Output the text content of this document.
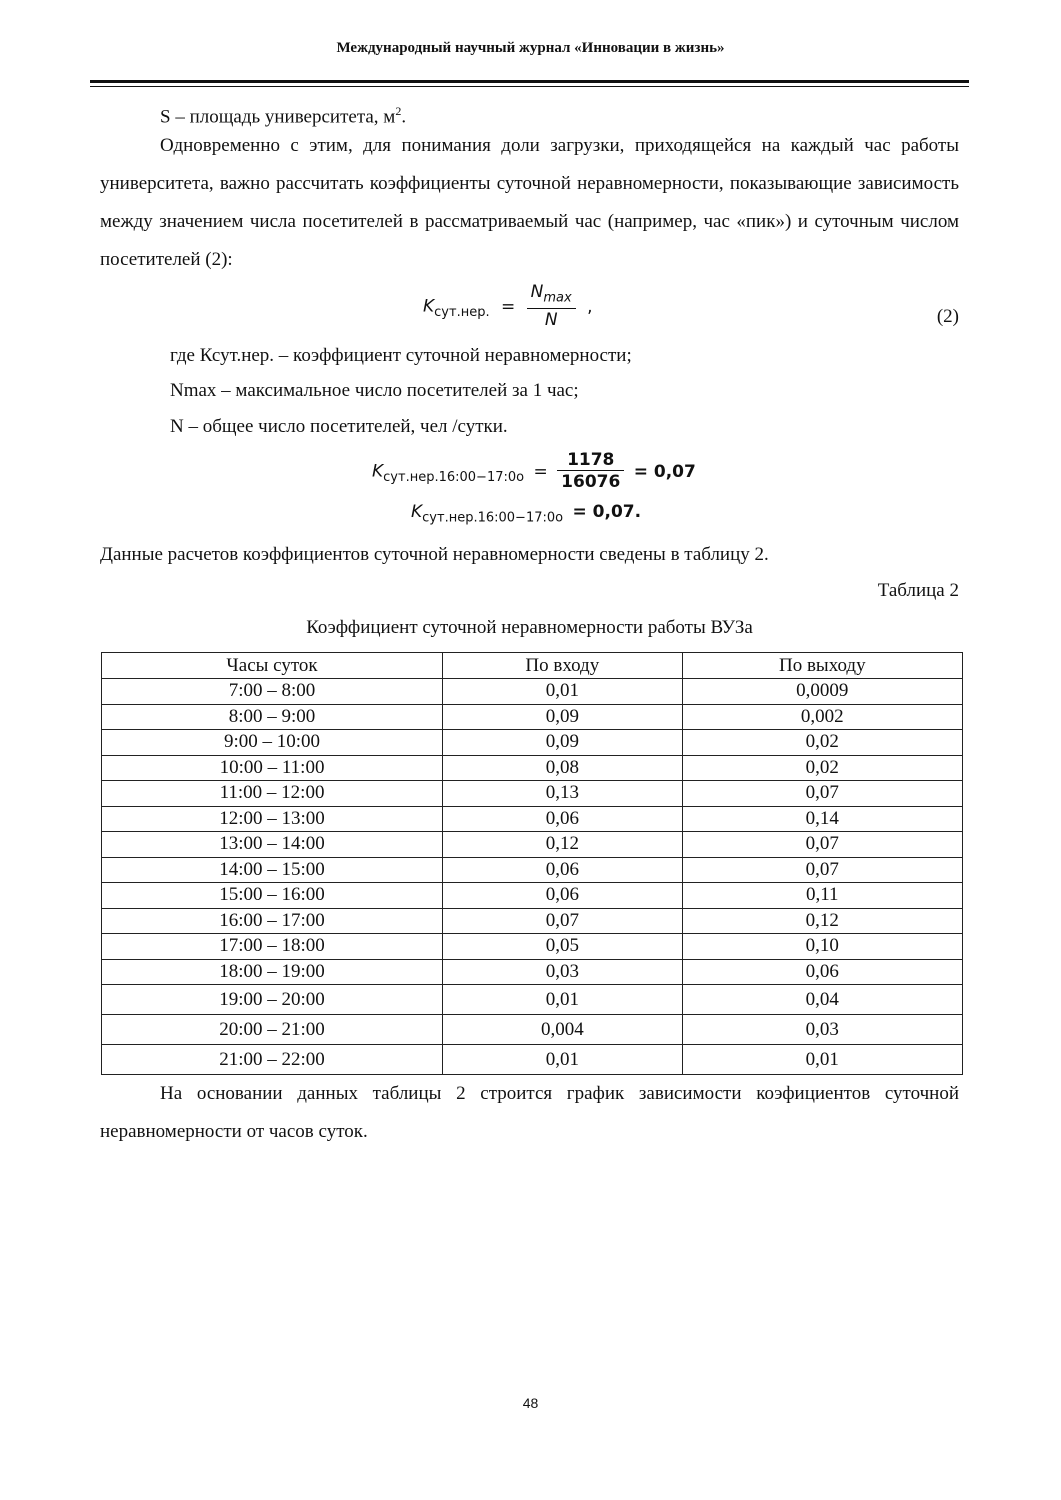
Международный научный журнал «Инновации в жизнь»

S – площадь университета, $м^2$.

Одновременно с этим, для понимания доли загрузки, приходящейся на каждый час работы университета, важно рассчитать коэффициенты суточной неравномерности, показывающие зависимость между значением числа посетителей в рассматриваемый час (например, час «пик») и суточным числом посетителей (2):

$K_{сут.нер.} = \frac{N_{max}}{N}$ ,	(2)

где Ксут.нер. – коэффициент суточной неравномерности;

Nmax – максимальное число посетителей за 1 час;

N – общее число посетителей, чел /сутки.

$K_{сут.нер.16:00-17:0о} = \frac{1178}{16076} = 0,07$
$K_{сут.нер.16:00-17:0о} = 0,07$.

Данные расчетов коэффициентов суточной неравномерности сведены в таблицу 2.

Таблица 2

Коэффициент суточной неравномерности работы ВУЗа

Часы суток	По входу	По выходу
7:00 – 8:00	0,01	0,0009
8:00 – 9:00	0,09	0,002
9:00 – 10:00	0,09	0,02
10:00 – 11:00	0,08	0,02
11:00 – 12:00	0,13	0,07
12:00 – 13:00	0,06	0,14
13:00 – 14:00	0,12	0,07
14:00 – 15:00	0,06	0,07
15:00 – 16:00	0,06	0,11
16:00 – 17:00	0,07	0,12
17:00 – 18:00	0,05	0,10
18:00 – 19:00	0,03	0,06
19:00 – 20:00	0,01	0,04
20:00 – 21:00	0,004	0,03
21:00 – 22:00	0,01	0,01

На основании данных таблицы 2 строится график зависимости коэфициентов суточной неравномерности от часов суток.

48
